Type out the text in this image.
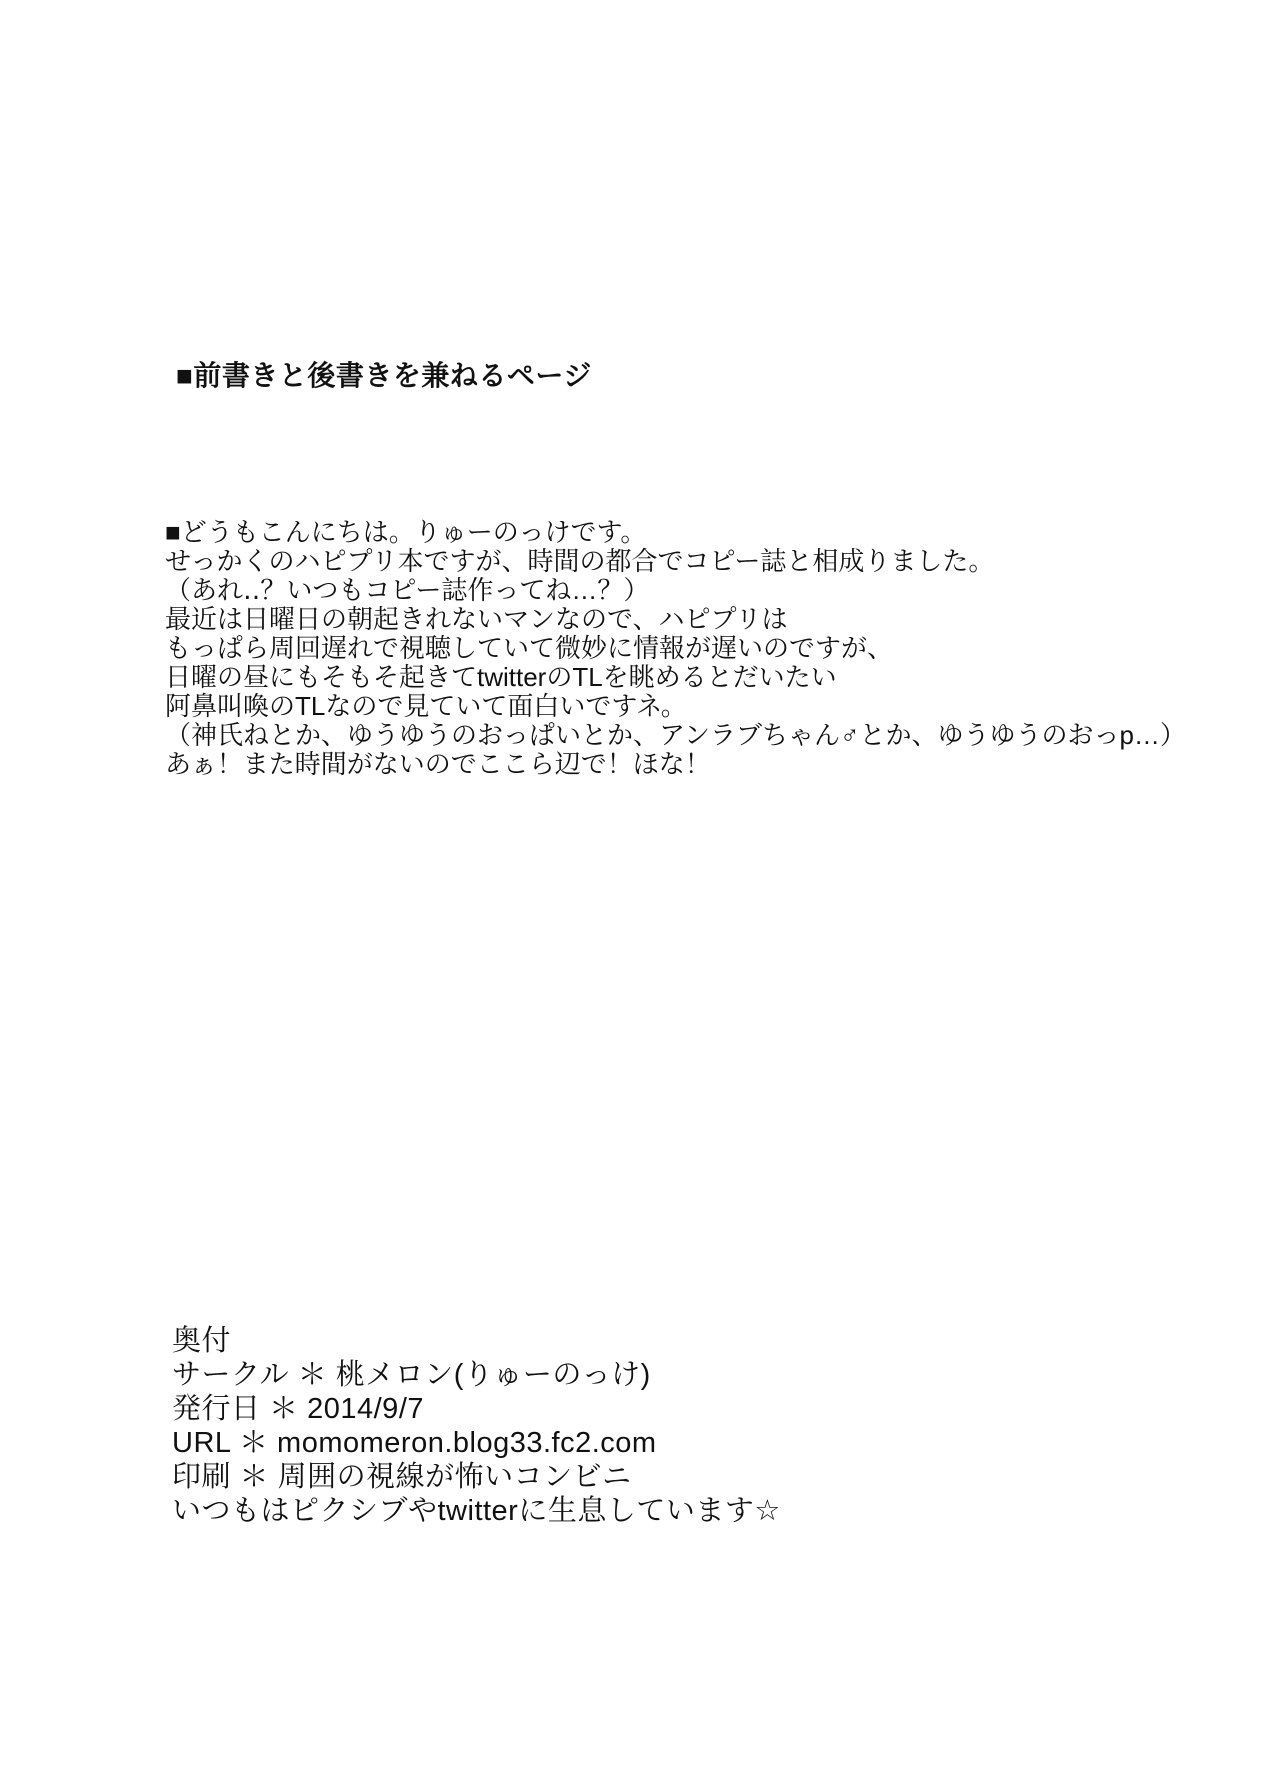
■前書きと後書きを兼ねるページ
■どうもこんにちは。りゅーのっけです。
せっかくのハピプリ本ですが、時間の都合でコピー誌と相成りました。
（あれ‥？いつもコピー誌作ってね…？）
最近は日曜日の朝起きれないマンなので、ハピプリは
もっぱら周回遅れで視聴していて微妙に情報が遅いのですが、
日曜の昼にもそもそ起きてtwitterのTLを眺めるとだいたい
阿鼻叫喚のTLなので見ていて面白いですネ。
（神氏ねとか、ゆうゆうのおっぱいとか、アンラブちゃん♂とか、ゆうゆうのおっp…）
あぁ！また時間がないのでここら辺で！ほな！
奥付
サークル ＊ 桃メロン(りゅーのっけ)
発行日 ＊ 2014/9/7
URL ＊ momomeron.blog33.fc2.com
印刷 ＊ 周囲の視線が怖いコンビニ
いつもはピクシブやtwitterに生息しています☆
